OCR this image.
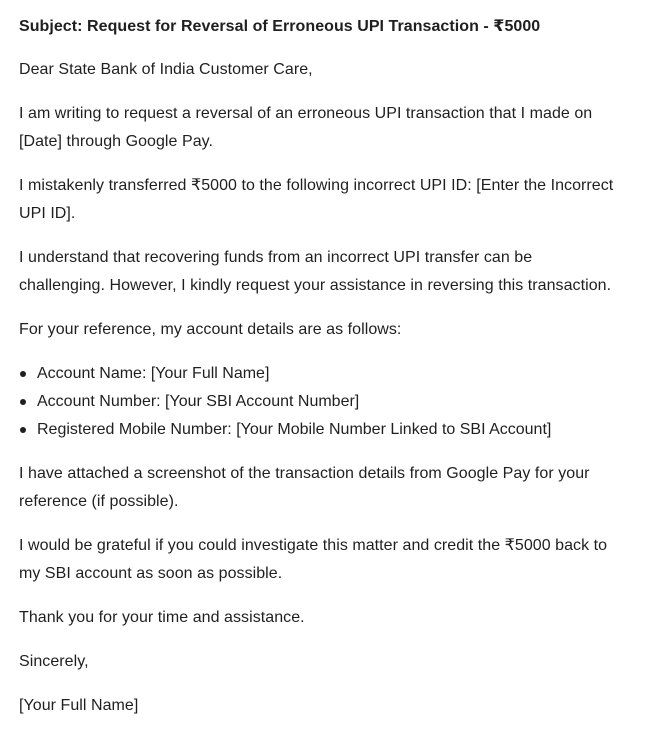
Subject: Request for Reversal of Erroneous UPI Transaction - ₹5000
Dear State Bank of India Customer Care,
I am writing to request a reversal of an erroneous UPI transaction that I made on
[Date] through Google Pay.
I mistakenly transferred ₹5000 to the following incorrect UPI ID: [Enter the Incorrect
UPI ID].
I understand that recovering funds from an incorrect UPI transfer can be
challenging. However, I kindly request your assistance in reversing this transaction.
For your reference, my account details are as follows:
Account Name: [Your Full Name]
Account Number: [Your SBI Account Number]
Registered Mobile Number: [Your Mobile Number Linked to SBI Account]
I have attached a screenshot of the transaction details from Google Pay for your
reference (if possible).
I would be grateful if you could investigate this matter and credit the ₹5000 back to
my SBI account as soon as possible.
Thank you for your time and assistance.
Sincerely,
[Your Full Name]
